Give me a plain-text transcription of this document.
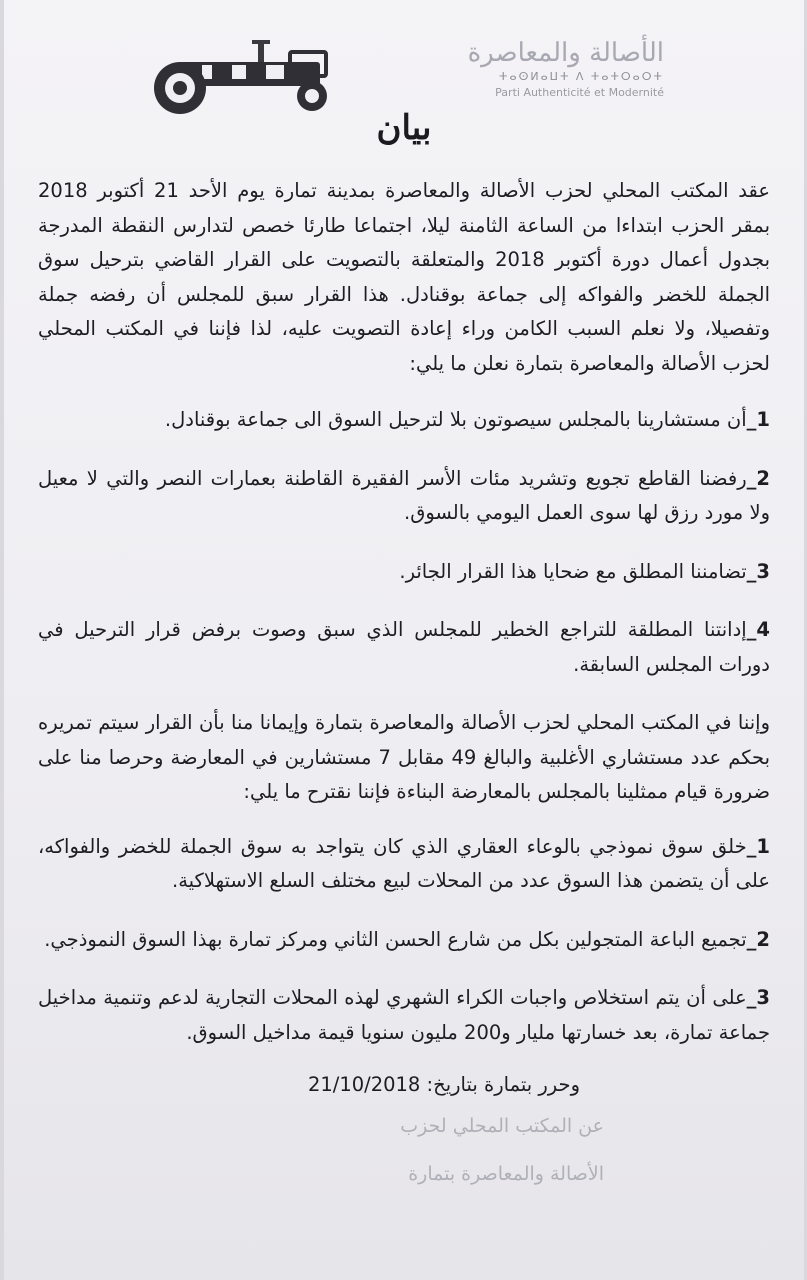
الأصالة والمعاصرة
ⵜⴰⵙⵍⴰⵡⵜ ⴷ ⵜⴰⵜⵔⴰⵔⵜ
Parti Authenticité et Modernité
بيان

عقد المكتب المحلي لحزب الأصالة والمعاصرة بمدينة تمارة يوم الأحد 21 أكتوبر 2018 بمقر الحزب ابتداءا من الساعة الثامنة ليلا، اجتماعا طارئا خصص لتدارس النقطة المدرجة بجدول أعمال دورة أكتوبر 2018 والمتعلقة بالتصويت على القرار القاضي بترحيل سوق الجملة للخضر والفواكه إلى جماعة بوقنادل. هذا القرار سبق للمجلس أن رفضه جملة وتفصيلا، ولا نعلم السبب الكامن وراء إعادة التصويت عليه، لذا فإننا في المكتب المحلي لحزب الأصالة والمعاصرة بتمارة نعلن ما يلي:

1_أن مستشارينا بالمجلس سيصوتون بلا لترحيل السوق الى جماعة بوقنادل.

2_رفضنا القاطع تجويع وتشريد مئات الأسر الفقيرة القاطنة بعمارات النصر والتي لا معيل ولا مورد رزق لها سوى العمل اليومي بالسوق.

3_تضامننا المطلق مع ضحايا هذا القرار الجائر.

4_إدانتنا المطلقة للتراجع الخطير للمجلس الذي سبق وصوت برفض قرار الترحيل في دورات المجلس السابقة.

وإننا في المكتب المحلي لحزب الأصالة والمعاصرة بتمارة وإيمانا منا بأن القرار سيتم تمريره بحكم عدد مستشاري الأغلبية والبالغ 49 مقابل 7 مستشارين في المعارضة وحرصا منا على ضرورة قيام ممثلينا بالمجلس بالمعارضة البناءة فإننا نقترح ما يلي:

1_خلق سوق نموذجي بالوعاء العقاري الذي كان يتواجد به سوق الجملة للخضر والفواكه، على أن يتضمن هذا السوق عدد من المحلات لبيع مختلف السلع الاستهلاكية.

2_تجميع الباعة المتجولين بكل من شارع الحسن الثاني ومركز تمارة بهذا السوق النموذجي.

3_على أن يتم استخلاص واجبات الكراء الشهري لهذه المحلات التجارية لدعم وتنمية مداخيل جماعة تمارة، بعد خسارتها مليار و200 مليون سنويا قيمة مداخيل السوق.

وحرر بتمارة بتاريخ: 21/10/2018

عن المكتب المحلي لحزب
الأصالة والمعاصرة بتمارة
